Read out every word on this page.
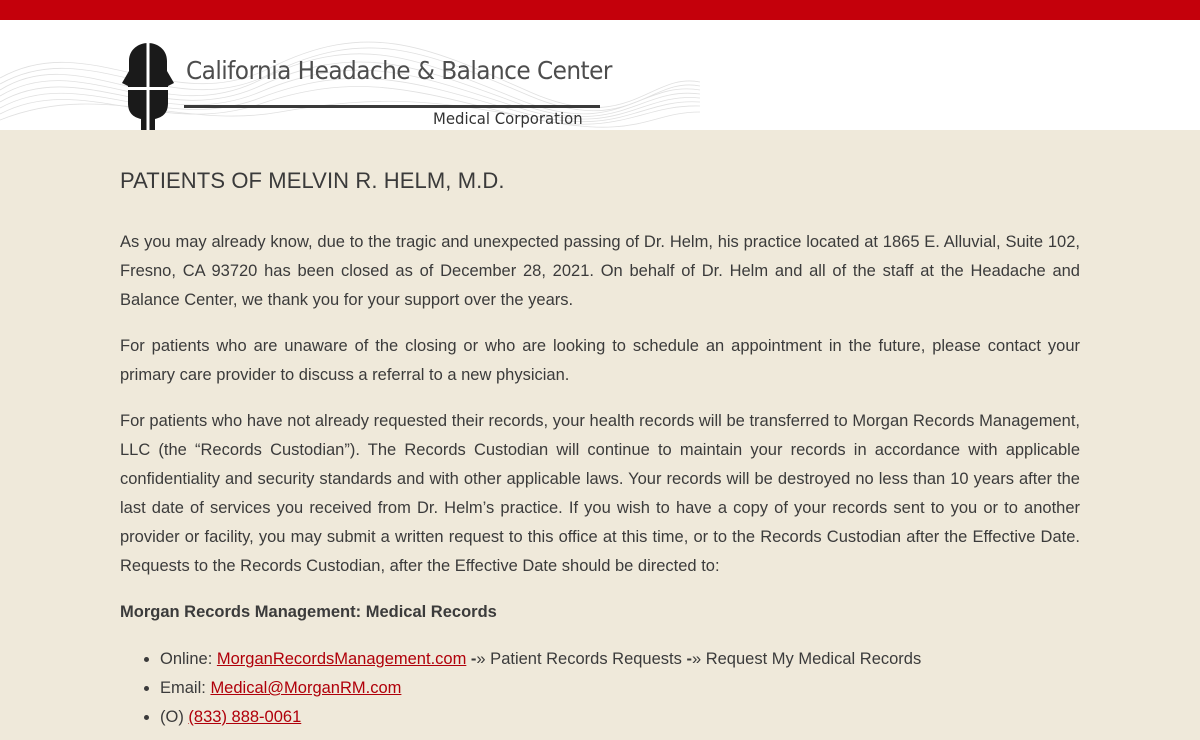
California Headache & Balance Center
Medical Corporation
PATIENTS OF MELVIN R. HELM, M.D.

As you may already know, due to the tragic and unexpected passing of Dr. Helm, his practice located at 1865 E. Alluvial, Suite 102, Fresno, CA 93720 has been closed as of December 28, 2021. On behalf of Dr. Helm and all of the staff at the Headache and Balance Center, we thank you for your support over the years.

For patients who are unaware of the closing or who are looking to schedule an appointment in the future, please contact your primary care provider to discuss a referral to a new physician.

For patients who have not already requested their records, your health records will be transferred to Morgan Records Management, LLC (the “Records Custodian”). The Records Custodian will continue to maintain your records in accordance with applicable confidentiality and security standards and with other applicable laws. Your records will be destroyed no less than 10 years after the last date of services you received from Dr. Helm’s practice. If you wish to have a copy of your records sent to you or to another provider or facility, you may submit a written request to this office at this time, or to the Records Custodian after the Effective Date. Requests to the Records Custodian, after the Effective Date should be directed to:

Morgan Records Management: Medical Records

• Online: MorganRecordsManagement.com -» Patient Records Requests -» Request My Medical Records
• Email: Medical@MorganRM.com
• (O) (833) 888-0061
